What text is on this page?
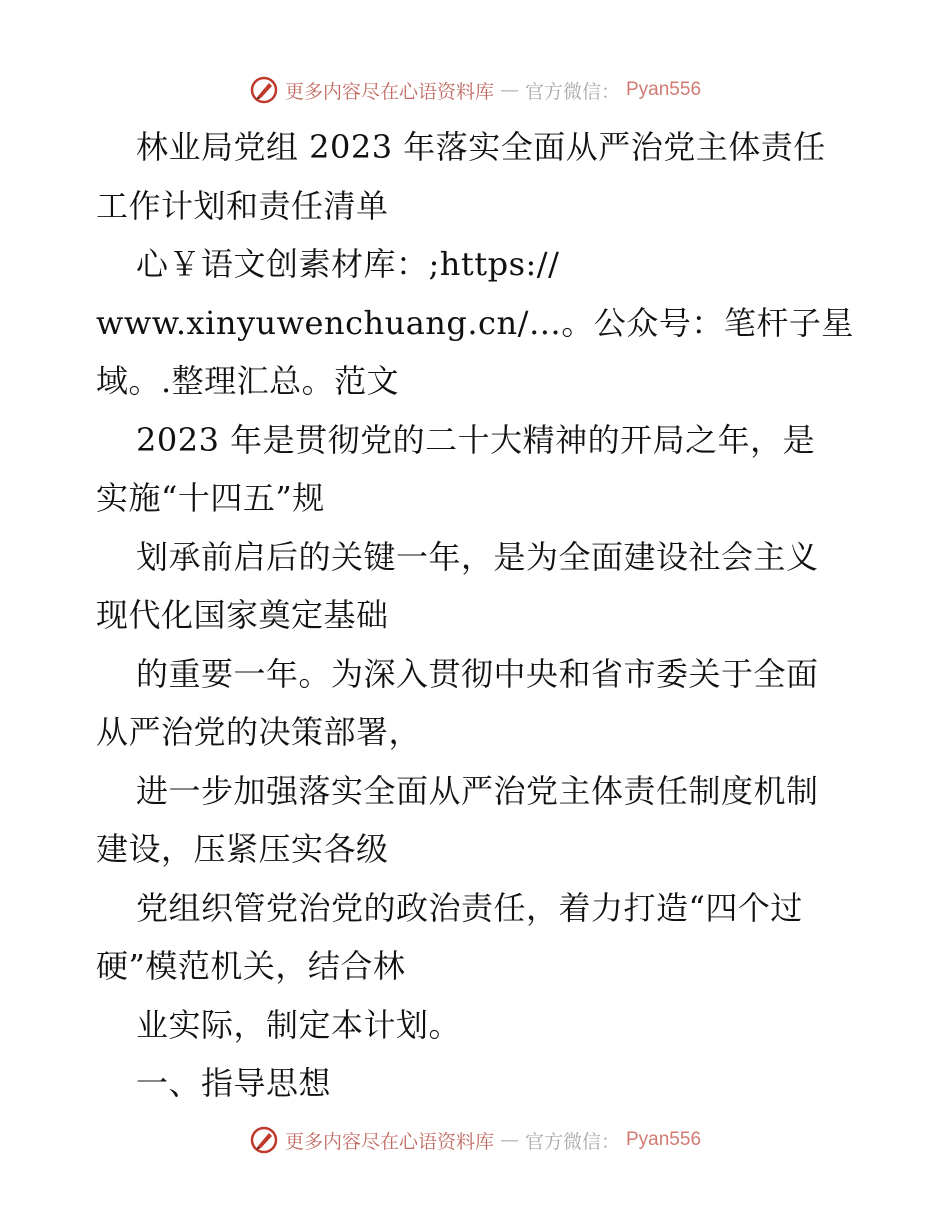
更多内容尽在心语资料库 — 官方微信： Pyan556
林业局党组 2023 年落实全面从严治党主体责任
工作计划和责任清单
心￥语文创素材库：;https://
www.xinyuwenchuang.cn/…。公众号：笔杆子星
域。.整理汇总。范文
2023 年是贯彻党的二十大精神的开局之年，是
实施“十四五”规
划承前启后的关键一年，是为全面建设社会主义
现代化国家奠定基础
的重要一年。为深入贯彻中央和省市委关于全面
从严治党的决策部署，
进一步加强落实全面从严治党主体责任制度机制
建设，压紧压实各级
党组织管党治党的政治责任，着力打造“四个过
硬”模范机关，结合林
业实际，制定本计划。
一、指导思想
更多内容尽在心语资料库 — 官方微信： Pyan556
